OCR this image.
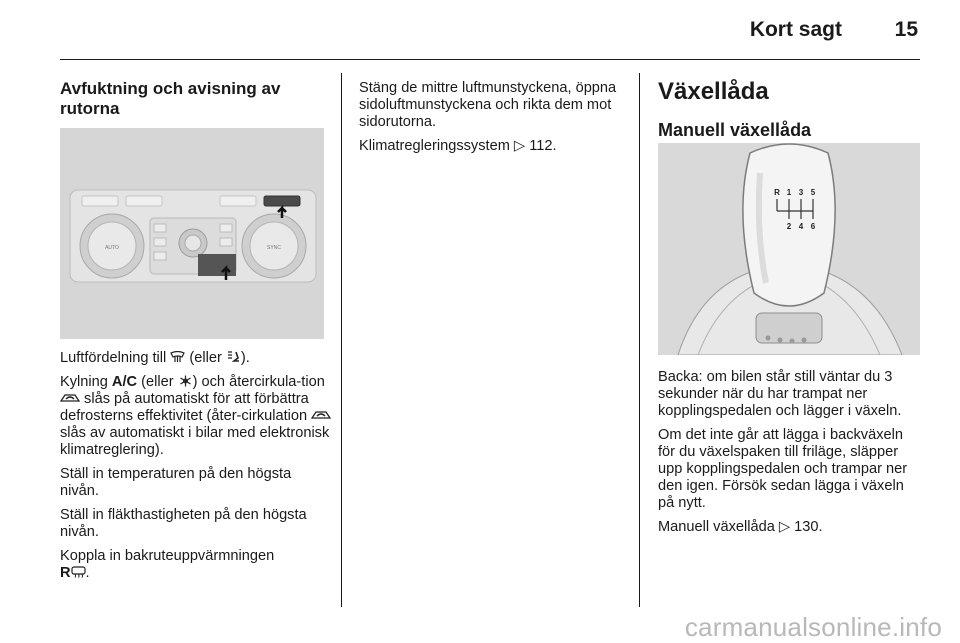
Kort sagt	15
Avfuktning och avisning av rutorna
AUTO	SYNC

Luftfördelning till  (eller ).

Kylning A/C (eller ) och återcirkula-tion  slås på automatiskt för att förbättra defrosterns effektivitet (åter-cirkulation  slås av automatiskt i bilar med elektronisk klimatreglering).

Ställ in temperaturen på den högsta nivån.

Ställ in fläkthastigheten på den högsta nivån.

Koppla in bakruteuppvärmningen
R .

Stäng de mittre luftmunstyckena, öppna sidoluftmunstyckena och rikta dem mot sidorutorna.

Klimatregleringssystem ▷ 112.

Växellåda
Manuell växellåda
R 1 3 5
2 4 6

Backa: om bilen står still väntar du 3 sekunder när du har trampat ner kopplingspedalen och lägger i växeln.

Om det inte går att lägga i backväxeln för du växelspaken till friläge, släpper upp kopplingspedalen och trampar ner den igen. Försök sedan lägga i växeln på nytt.

Manuell växellåda ▷ 130.

carmanualsonline.info
